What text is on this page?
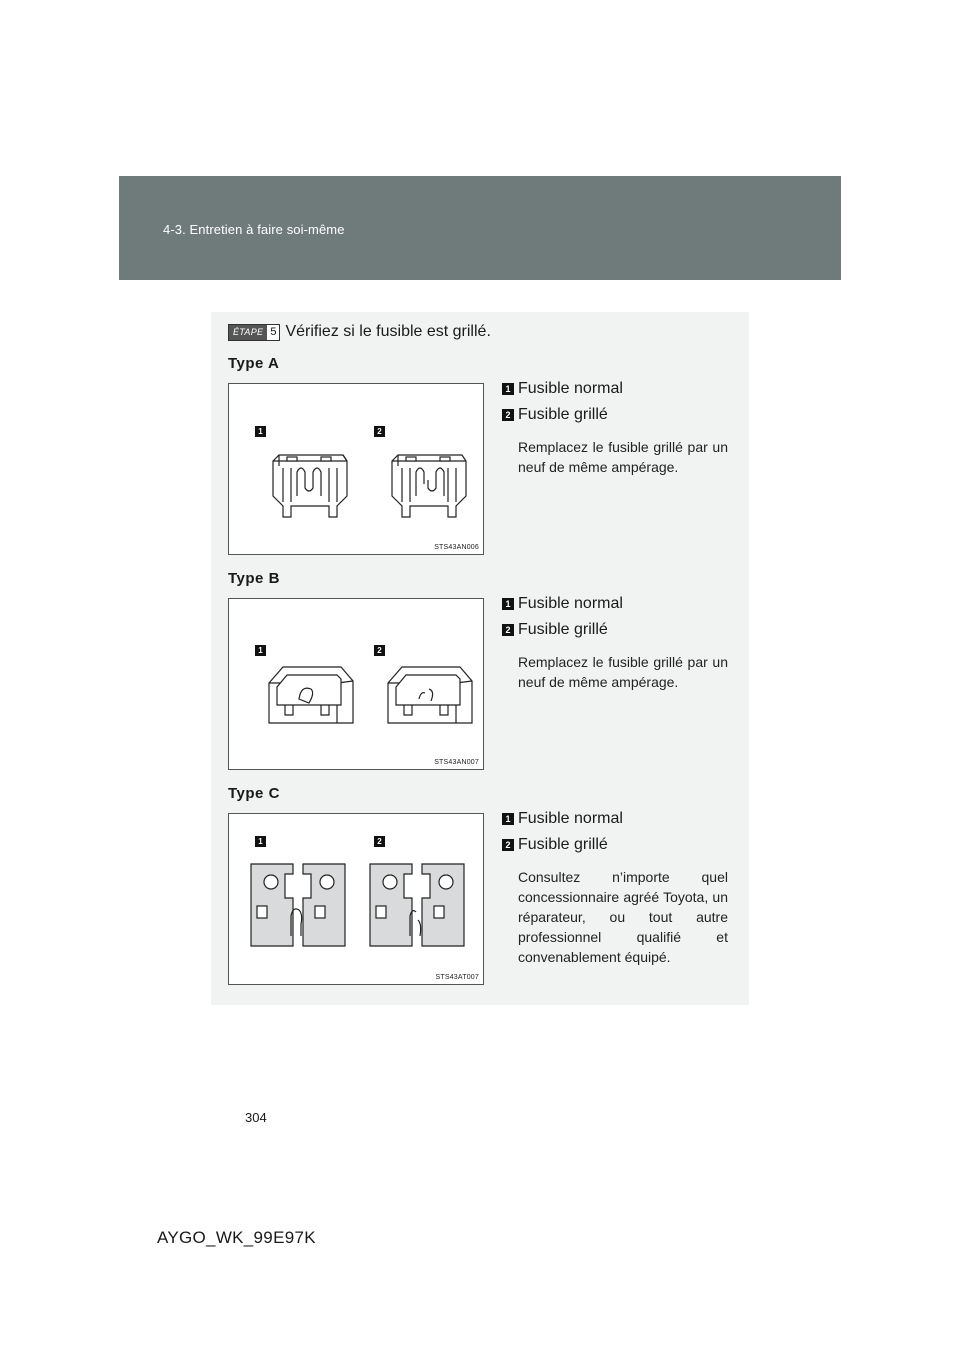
4-3. Entretien à faire soi-même
ÉTAPE 5 Vérifiez si le fusible est grillé.
Type A
1	2
STS43AN006
1 Fusible normal
2 Fusible grillé
Remplacez le fusible grillé par un neuf de même ampérage.
Type B
1	2
STS43AN007
1 Fusible normal
2 Fusible grillé
Remplacez le fusible grillé par un neuf de même ampérage.
Type C
1	2
STS43AT007
1 Fusible normal
2 Fusible grillé
Consultez n’importe quel concessionnaire agréé Toyota, un réparateur, ou tout autre professionnel qualifié et convenablement équipé.
304
AYGO_WK_99E97K
